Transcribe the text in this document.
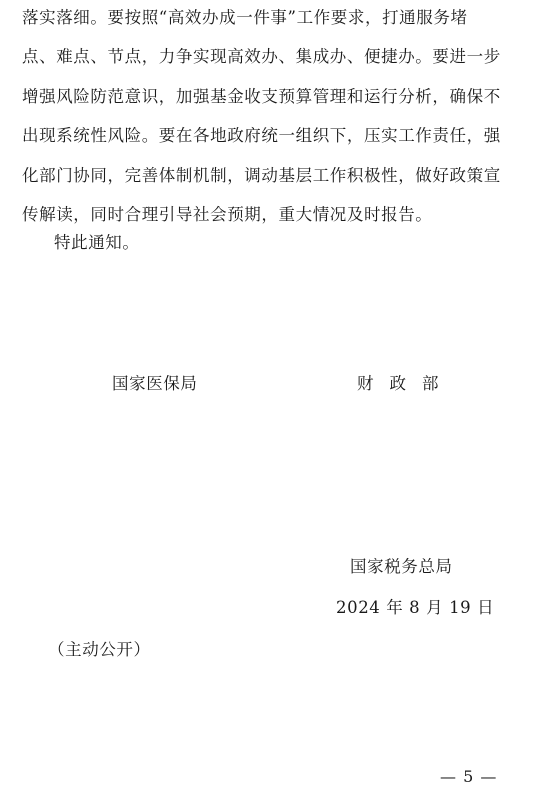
落实落细。要按照“高效办成一件事”工作要求，打通服务堵
点、难点、节点，力争实现高效办、集成办、便捷办。要进一步
增强风险防范意识，加强基金收支预算管理和运行分析，确保不
出现系统性风险。要在各地政府统一组织下，压实工作责任，强
化部门协同，完善体制机制，调动基层工作积极性，做好政策宣
传解读，同时合理引导社会预期，重大情况及时报告。
特此通知。
国家医保局	财政部
国家税务总局
2024 年 8 月 19 日
（主动公开）
— 5 —
